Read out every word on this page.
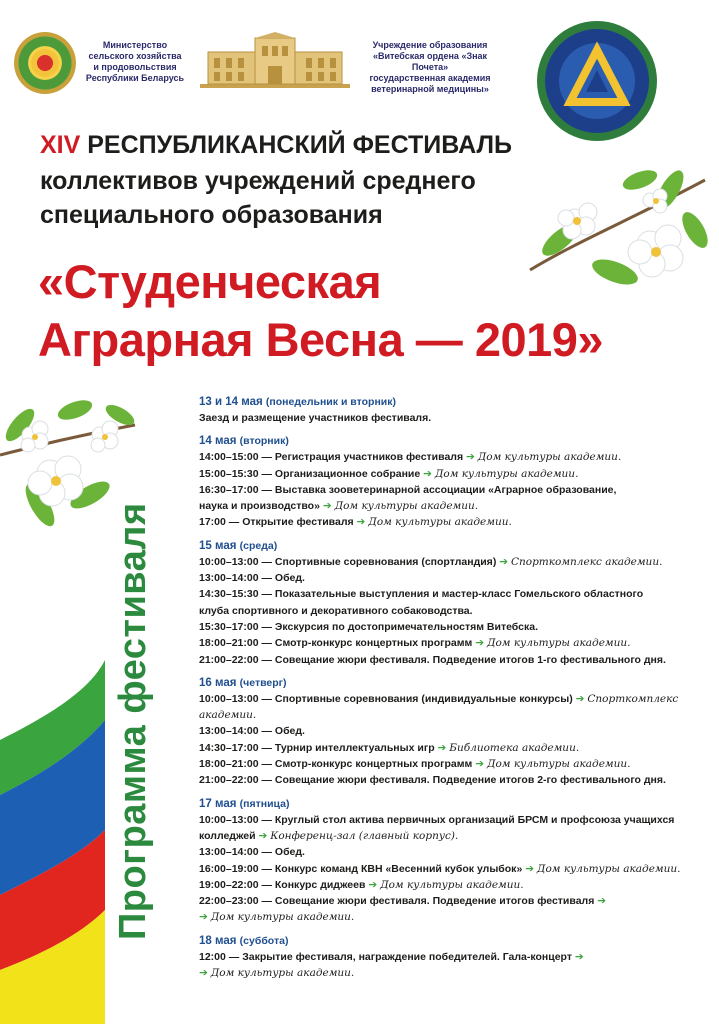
Министерство
сельского хозяйства
и продовольствия
Республики Беларусь
Учреждение образования
«Витебская ордена «Знак Почета»
государственная академия
ветеринарной медицины»
XIV РЕСПУБЛИКАНСКИЙ ФЕСТИВАЛЬ
коллективов учреждений среднего
специального образования
«Студенческая
Аграрная Весна — 2019»
Программа фестиваля
13 и 14 мая (понедельник и вторник)
Заезд и размещение участников фестиваля.
14 мая (вторник)
14:00–15:00 — Регистрация участников фестиваля ➔ Дом культуры академии.
15:00–15:30 — Организационное собрание ➔ Дом культуры академии.
16:30–17:00 — Выставка зооветеринарной ассоциации «Аграрное образование,
наука и производство» ➔ Дом культуры академии.
17:00 — Открытие фестиваля ➔ Дом культуры академии.
15 мая (среда)
10:00–13:00 — Спортивные соревнования (спортландия) ➔ Спорткомплекс академии.
13:00–14:00 — Обед.
14:30–15:30 — Показательные выступления и мастер-класс Гомельского областного
клуба спортивного и декоративного собаководства.
15:30–17:00 — Экскурсия по достопримечательностям Витебска.
18:00–21:00 — Смотр-конкурс концертных программ ➔ Дом культуры академии.
21:00–22:00 — Совещание жюри фестиваля. Подведение итогов 1-го фестивального дня.
16 мая (четверг)
10:00–13:00 — Спортивные соревнования (индивидуальные конкурсы) ➔ Спорткомплекс академии.
13:00–14:00 — Обед.
14:30–17:00 — Турнир интеллектуальных игр ➔ Библиотека академии.
18:00–21:00 — Смотр-конкурс концертных программ ➔ Дом культуры академии.
21:00–22:00 — Совещание жюри фестиваля. Подведение итогов 2-го фестивального дня.
17 мая (пятница)
10:00–13:00 — Круглый стол актива первичных организаций БРСМ и профсоюза учащихся
колледжей ➔ Конференц-зал (главный корпус).
13:00–14:00 — Обед.
16:00–19:00 — Конкурс команд КВН «Весенний кубок улыбок» ➔ Дом культуры академии.
19:00–22:00 — Конкурс диджеев ➔ Дом культуры академии.
22:00–23:00 — Совещание жюри фестиваля. Подведение итогов фестиваля ➔
➔ Дом культуры академии.
18 мая (суббота)
12:00 — Закрытие фестиваля, награждение победителей. Гала-концерт ➔
➔ Дом культуры академии.
